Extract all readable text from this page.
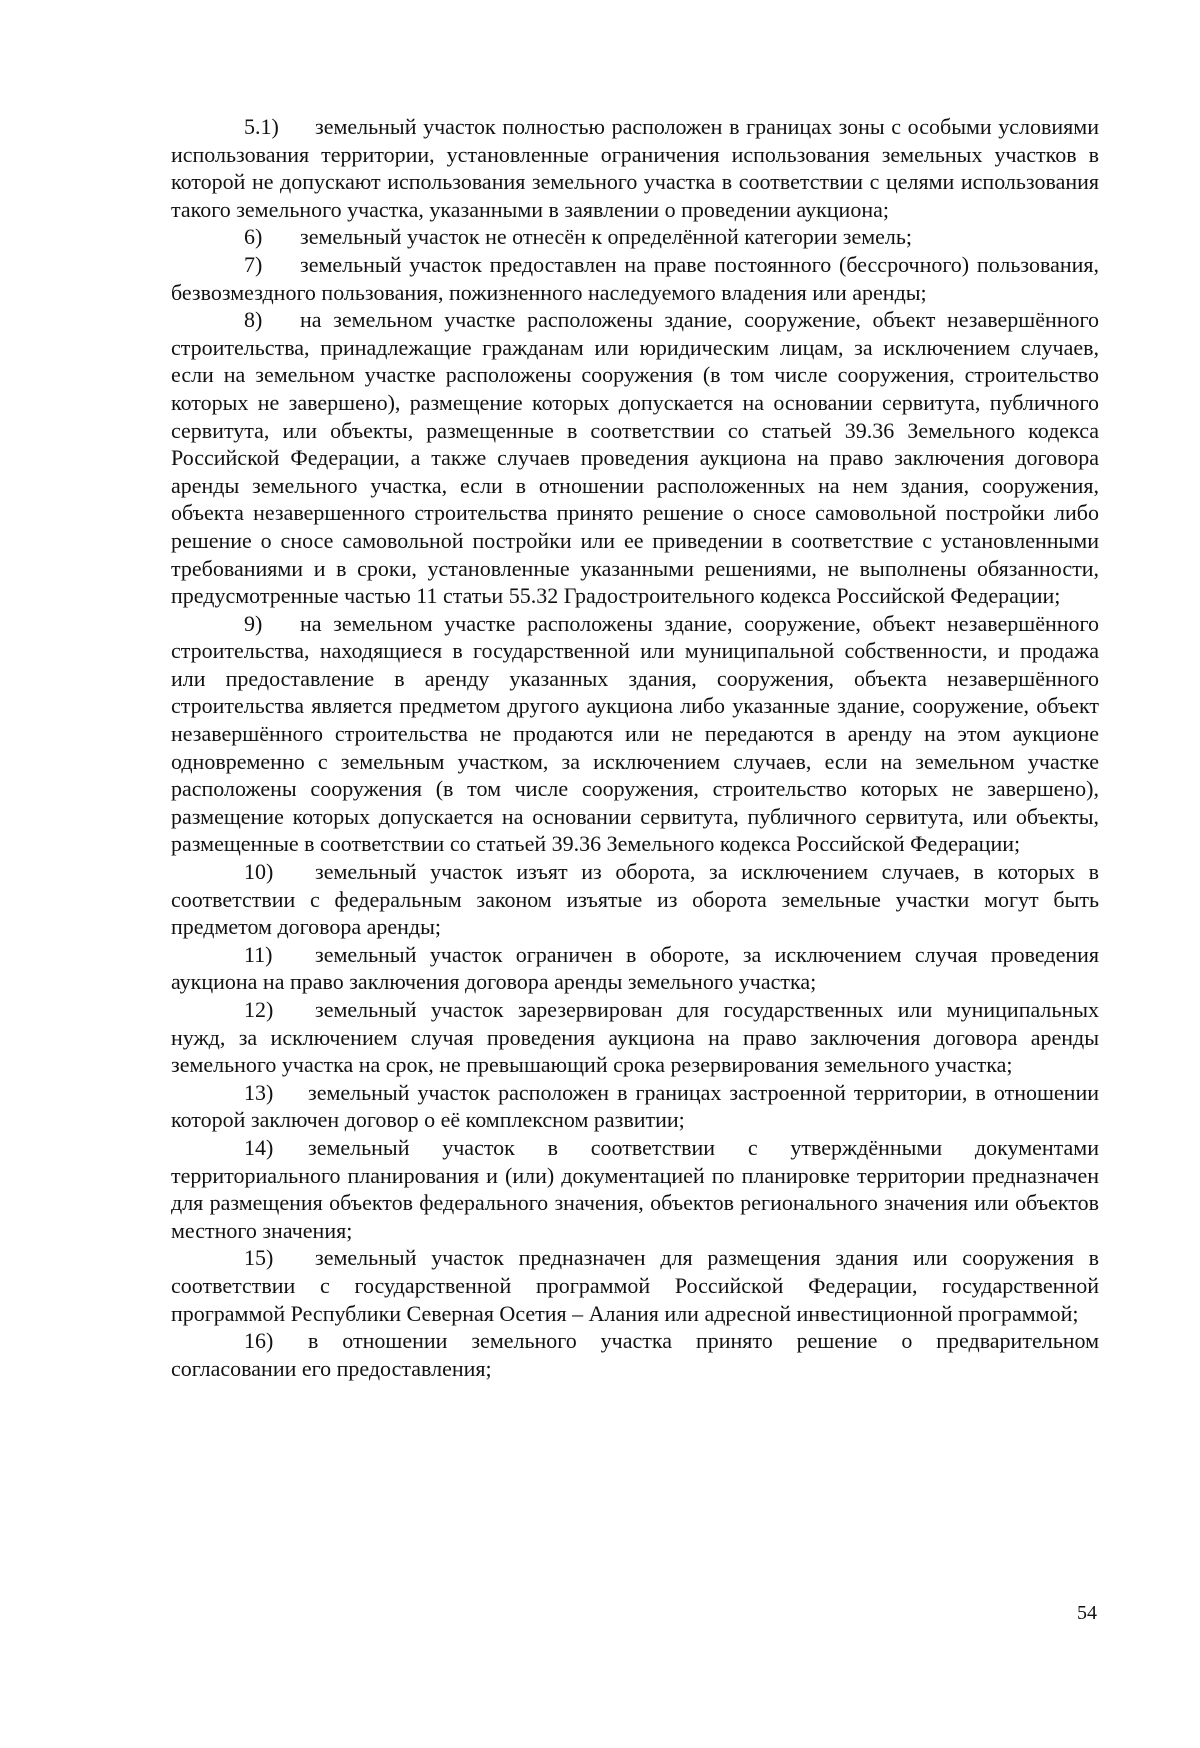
5.1) земельный участок полностью расположен в границах зоны с особыми условиями использования территории, установленные ограничения использования земельных участков в которой не допускают использования земельного участка в соответствии с целями использования такого земельного участка, указанными в заявлении о проведении аукциона;

6) земельный участок не отнесён к определённой категории земель;

7) земельный участок предоставлен на праве постоянного (бессрочного) пользования, безвозмездного пользования, пожизненного наследуемого владения или аренды;

8) на земельном участке расположены здание, сооружение, объект незавершённого строительства, принадлежащие гражданам или юридическим лицам, за исключением случаев, если на земельном участке расположены сооружения (в том числе сооружения, строительство которых не завершено), размещение которых допускается на основании сервитута, публичного сервитута, или объекты, размещенные в соответствии со статьей 39.36 Земельного кодекса Российской Федерации, а также случаев проведения аукциона на право заключения договора аренды земельного участка, если в отношении расположенных на нем здания, сооружения, объекта незавершенного строительства принято решение о сносе самовольной постройки либо решение о сносе самовольной постройки или ее приведении в соответствие с установленными требованиями и в сроки, установленные указанными решениями, не выполнены обязанности, предусмотренные частью 11 статьи 55.32 Градостроительного кодекса Российской Федерации;

9) на земельном участке расположены здание, сооружение, объект незавершённого строительства, находящиеся в государственной или муниципальной собственности, и продажа или предоставление в аренду указанных здания, сооружения, объекта незавершённого строительства является предметом другого аукциона либо указанные здание, сооружение, объект незавершённого строительства не продаются или не передаются в аренду на этом аукционе одновременно с земельным участком, за исключением случаев, если на земельном участке расположены сооружения (в том числе сооружения, строительство которых не завершено), размещение которых допускается на основании сервитута, публичного сервитута, или объекты, размещенные в соответствии со статьей 39.36 Земельного кодекса Российской Федерации;

10) земельный участок изъят из оборота, за исключением случаев, в которых в соответствии с федеральным законом изъятые из оборота земельные участки могут быть предметом договора аренды;

11) земельный участок ограничен в обороте, за исключением случая проведения аукциона на право заключения договора аренды земельного участка;

12) земельный участок зарезервирован для государственных или муниципальных нужд, за исключением случая проведения аукциона на право заключения договора аренды земельного участка на срок, не превышающий срока резервирования земельного участка;

13) земельный участок расположен в границах застроенной территории, в отношении которой заключен договор о её комплексном развитии;

14) земельный участок в соответствии с утверждёнными документами территориального планирования и (или) документацией по планировке территории предназначен для размещения объектов федерального значения, объектов регионального значения или объектов местного значения;

15) земельный участок предназначен для размещения здания или сооружения в соответствии с государственной программой Российской Федерации, государственной программой Республики Северная Осетия – Алания или адресной инвестиционной программой;

16) в отношении земельного участка принято решение о предварительном согласовании его предоставления;

54
